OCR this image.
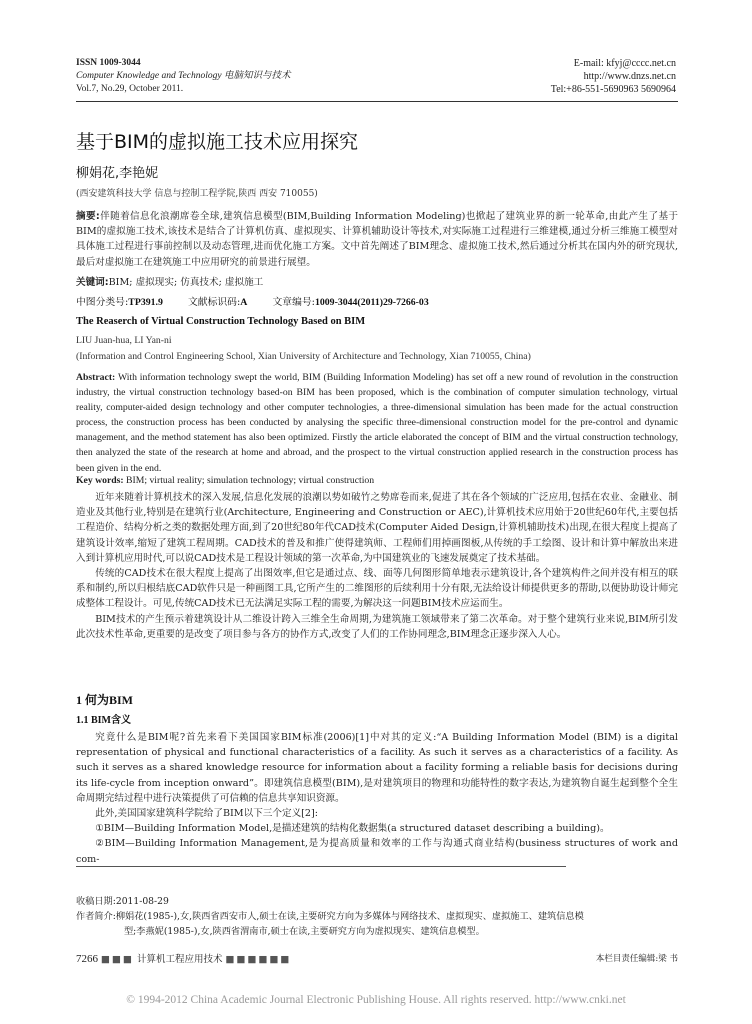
ISSN 1009-3044
Computer Knowledge and Technology 电脑知识与技术
Vol.7, No.29, October 2011.
E-mail: kfyj@cccc.net.cn
http://www.dnzs.net.cn
Tel:+86-551-5690963 5690964
基于BIM的虚拟施工技术应用探究
柳娟花,李艳妮
(西安建筑科技大学 信息与控制工程学院,陕西 西安 710055)
摘要:伴随着信息化浪潮席卷全球,建筑信息模型(BIM,Building Information Modeling)也掀起了建筑业界的新一轮革命,由此产生了基于BIM的虚拟施工技术,该技术是结合了计算机仿真、虚拟现实、计算机辅助设计等技术,对实际施工过程进行三维建模,通过分析三维施工模型对具体施工过程进行事前控制以及动态管理,进而优化施工方案。文中首先阐述了BIM理念、虚拟施工技术,然后通过分析其在国内外的研究现状,最后对虚拟施工在建筑施工中应用研究的前景进行展望。
关键词:BIM; 虚拟现实; 仿真技术; 虚拟施工
中图分类号:TP391.9	文献标识码:A	文章编号:1009-3044(2011)29-7266-03
The Reaserch of Virtual Construction Technology Based on BIM
LIU Juan-hua, LI Yan-ni
(Information and Control Engineering School, Xian University of Architecture and Technology, Xian 710055, China)
Abstract: With information technology swept the world, BIM (Building Information Modeling) has set off a new round of revolution in the construction industry, the virtual construction technology based-on BIM has been proposed, which is the combination of computer simulation technology, virtual reality, computer-aided design technology and other computer technologies, a three-dimensional simulation has been made for the actual construction process, the construction process has been conducted by analysing the specific three-dimensional construction model for the pre-control and dynamic management, and the method statement has also been optimized. Firstly the article elaborated the concept of BIM and the virtual construction technology, then analyzed the state of the research at home and abroad, and the prospect to the virtual construction applied research in the construction process has been given in the end.
Key words: BIM; virtual reality; simulation technology; virtual construction

近年来随着计算机技术的深入发展,信息化发展的浪潮以势如破竹之势席卷而来,促进了其在各个领域的广泛应用,包括在农业、金融业、制造业及其他行业,特别是在建筑行业(Architecture, Engineering and Construction or AEC),计算机技术应用始于20世纪60年代,主要包括工程造价、结构分析之类的数据处理方面,到了20世纪80年代CAD技术(Computer Aided Design,计算机辅助技术)出现,在很大程度上提高了建筑设计效率,缩短了建筑工程周期。CAD技术的普及和推广使得建筑师、工程师们用掉画图板,从传统的手工绘图、设计和计算中解放出来进入到计算机应用时代,可以说CAD技术是工程设计领域的第一次革命,为中国建筑业的飞速发展奠定了技术基础。

传统的CAD技术在很大程度上提高了出图效率,但它是通过点、线、面等几何图形简单地表示建筑设计,各个建筑构件之间并没有相互的联系和制约,所以归根结底CAD软件只是一种画图工具,它所产生的二维图形的后续利用十分有限,无法给设计师提供更多的帮助,以便协助设计师完成整体工程设计。可见,传统CAD技术已无法满足实际工程的需要,为解决这一问题BIM技术应运而生。

BIM技术的产生预示着建筑设计从二维设计跨入三维全生命周期,为建筑施工领域带来了第二次革命。对于整个建筑行业来说,BIM所引发此次技术性革命,更重要的是改变了项目参与各方的协作方式,改变了人们的工作协同理念,BIM理念正逐步深入人心。

1 何为BIM
1.1 BIM含义

究竟什么是BIM呢?首先来看下美国国家BIM标准(2006)[1]中对其的定义:“A Building Information Model (BIM) is a digital representation of physical and functional characteristics of a facility. As such it serves as a characteristics of a facility. As such it serves as a shared knowledge resource for information about a facility forming a reliable basis for decisions during its life-cycle from inception onward”。即建筑信息模型(BIM),是对建筑项目的物理和功能特性的数字表达,为建筑物自诞生起到整个全生命周期完结过程中进行决策提供了可信赖的信息共享知识资源。

此外,美国国家建筑科学院给了BIM以下三个定义[2]:

①BIM—Building Information Model,是描述建筑的结构化数据集(a structured dataset describing a building)。

②BIM—Building Information Management,是为提高质量和效率的工作与沟通式商业结构(business structures of work and com-

收稿日期:2011-08-29
作者简介:柳娟花(1985-),女,陕西省西安市人,硕士在读,主要研究方向为多媒体与网络技术、虚拟现实、虚拟施工、建筑信息模
型;李燕妮(1985-),女,陕西省渭南市,硕士在读,主要研究方向为虚拟现实、建筑信息模型。
7266 ■■■ 计算机工程应用技术 ■■■■■■	本栏目责任编辑:梁 书
© 1994-2012 China Academic Journal Electronic Publishing House. All rights reserved. http://www.cnki.net
